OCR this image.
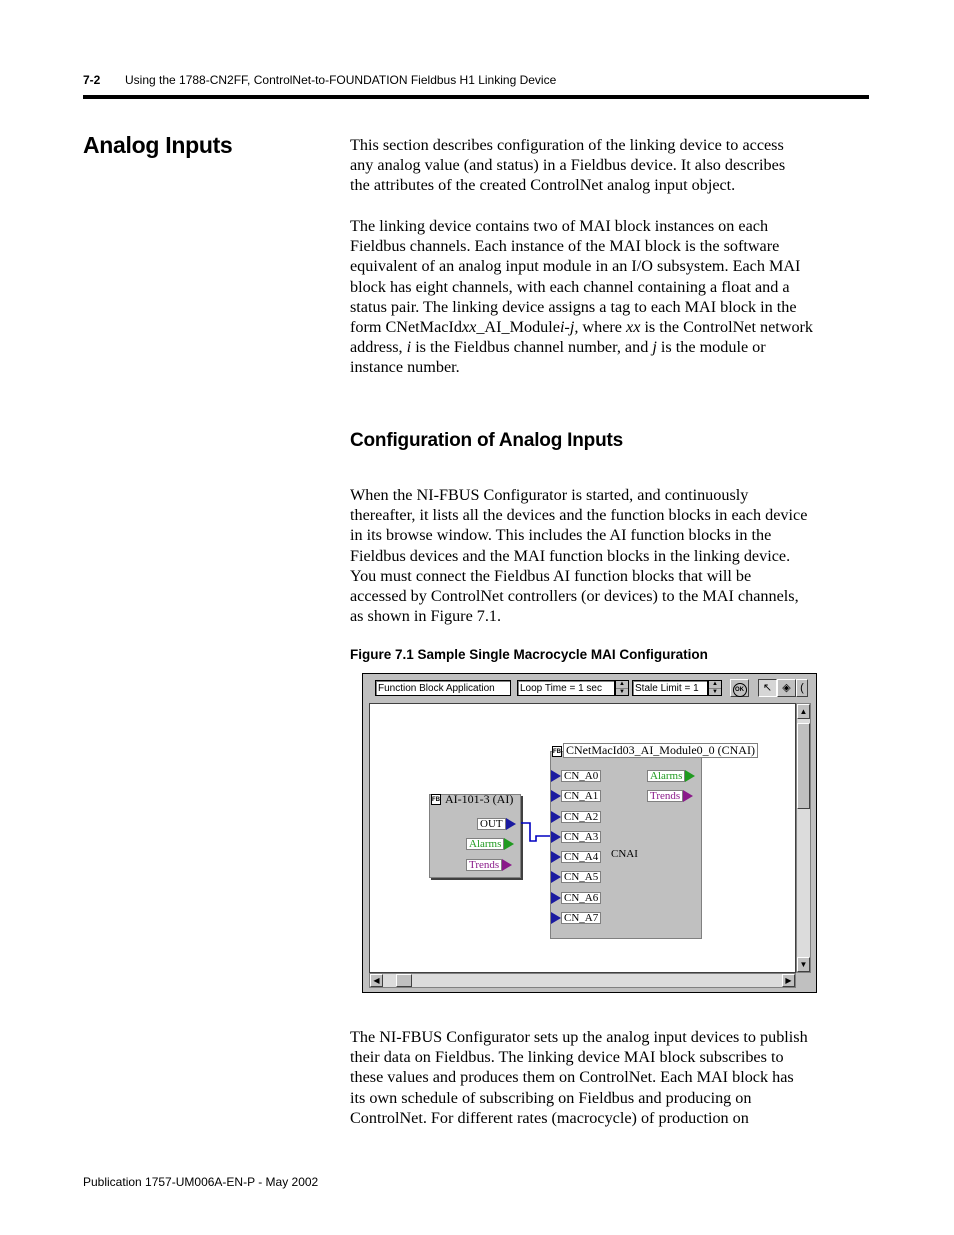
7-2 Using the 1788-CN2FF, ControlNet-to-FOUNDATION Fieldbus H1 Linking Device
Analog Inputs	This section describes configuration of the linking device to access
any analog value (and status) in a Fieldbus device. It also describes
the attributes of the created ControlNet analog input object.
The linking device contains two of MAI block instances on each
Fieldbus channels. Each instance of the MAI block is the software
equivalent of an analog input module in an I/O subsystem. Each MAI
block has eight channels, with each channel containing a float and a
status pair. The linking device assigns a tag to each MAI block in the
form CNetMacIdxx_AI_Modulei-j, where xx is the ControlNet network
address, i is the Fieldbus channel number, and j is the module or
instance number.
Configuration of Analog Inputs
When the NI-FBUS Configurator is started, and continuously
thereafter, it lists all the devices and the function blocks in each device
in its browse window. This includes the AI function blocks in the
Fieldbus devices and the MAI function blocks in the linking device.
You must connect the Fieldbus AI function blocks that will be
accessed by ControlNet controllers (or devices) to the MAI channels,
as shown in Figure 7.1.
Figure 7.1 Sample Single Macrocycle MAI Configuration
Function Block Application	Loop Time = 1 sec	▲
▼	Stale Limit = 1	▲
▼	OK	↖ ◈ (
FB AI-101-3 (AI)
OUT
Alarms
Trends
FB CNetMacId03_AI_Module0_0 (CNAI)
CN_A0
CN_A1
CN_A2
CN_A3
CN_A4
CN_A5
CN_A6
CN_A7
Alarms
Trends
CNAI
▲
▼
◀	▶
The NI-FBUS Configurator sets up the analog input devices to publish
their data on Fieldbus. The linking device MAI block subscribes to
these values and produces them on ControlNet. Each MAI block has
its own schedule of subscribing on Fieldbus and producing on
ControlNet. For different rates (macrocycle) of production on
Publication 1757-UM006A-EN-P - May 2002
